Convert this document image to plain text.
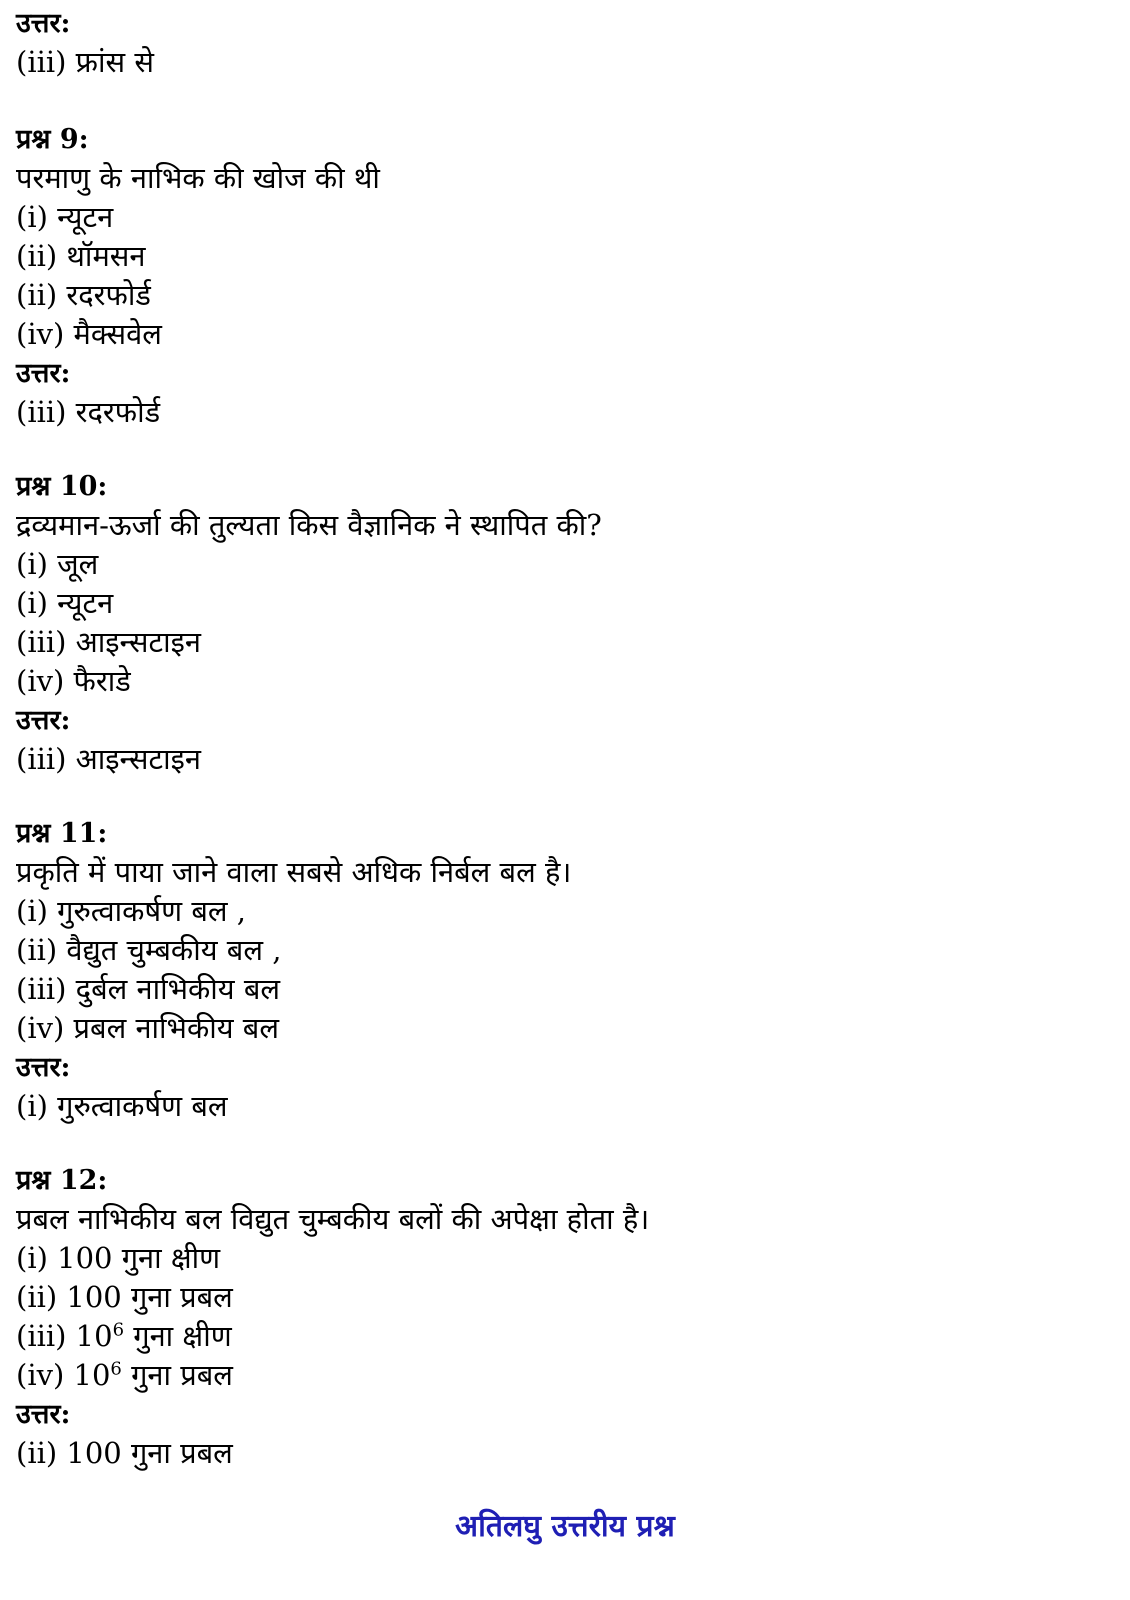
उत्तर:
(iii) फ्रांस से
प्रश्न 9:
परमाणु के नाभिक की खोज की थी
(i) न्यूटन
(ii) थॉमसन
(ii) रदरफोर्ड
(iv) मैक्सवेल
उत्तर:
(iii) रदरफोर्ड
प्रश्न 10:
द्रव्यमान-ऊर्जा की तुल्यता किस वैज्ञानिक ने स्थापित की?
(i) जूल
(i) न्यूटन
(iii) आइन्सटाइन
(iv) फैराडे
उत्तर:
(iii) आइन्सटाइन
प्रश्न 11:
प्रकृति में पाया जाने वाला सबसे अधिक निर्बल बल है।
(i) गुरुत्वाकर्षण बल ,
(ii) वैद्युत चुम्बकीय बल ,
(iii) दुर्बल नाभिकीय बल
(iv) प्रबल नाभिकीय बल
उत्तर:
(i) गुरुत्वाकर्षण बल
प्रश्न 12:
प्रबल नाभिकीय बल विद्युत चुम्बकीय बलों की अपेक्षा होता है।
(i) 100 गुना क्षीण
(ii) 100 गुना प्रबल
(iii) $10^6$ गुना क्षीण
(iv) $10^6$ गुना प्रबल
उत्तर:
(ii) 100 गुना प्रबल
अतिलघु उत्तरीय प्रश्न
